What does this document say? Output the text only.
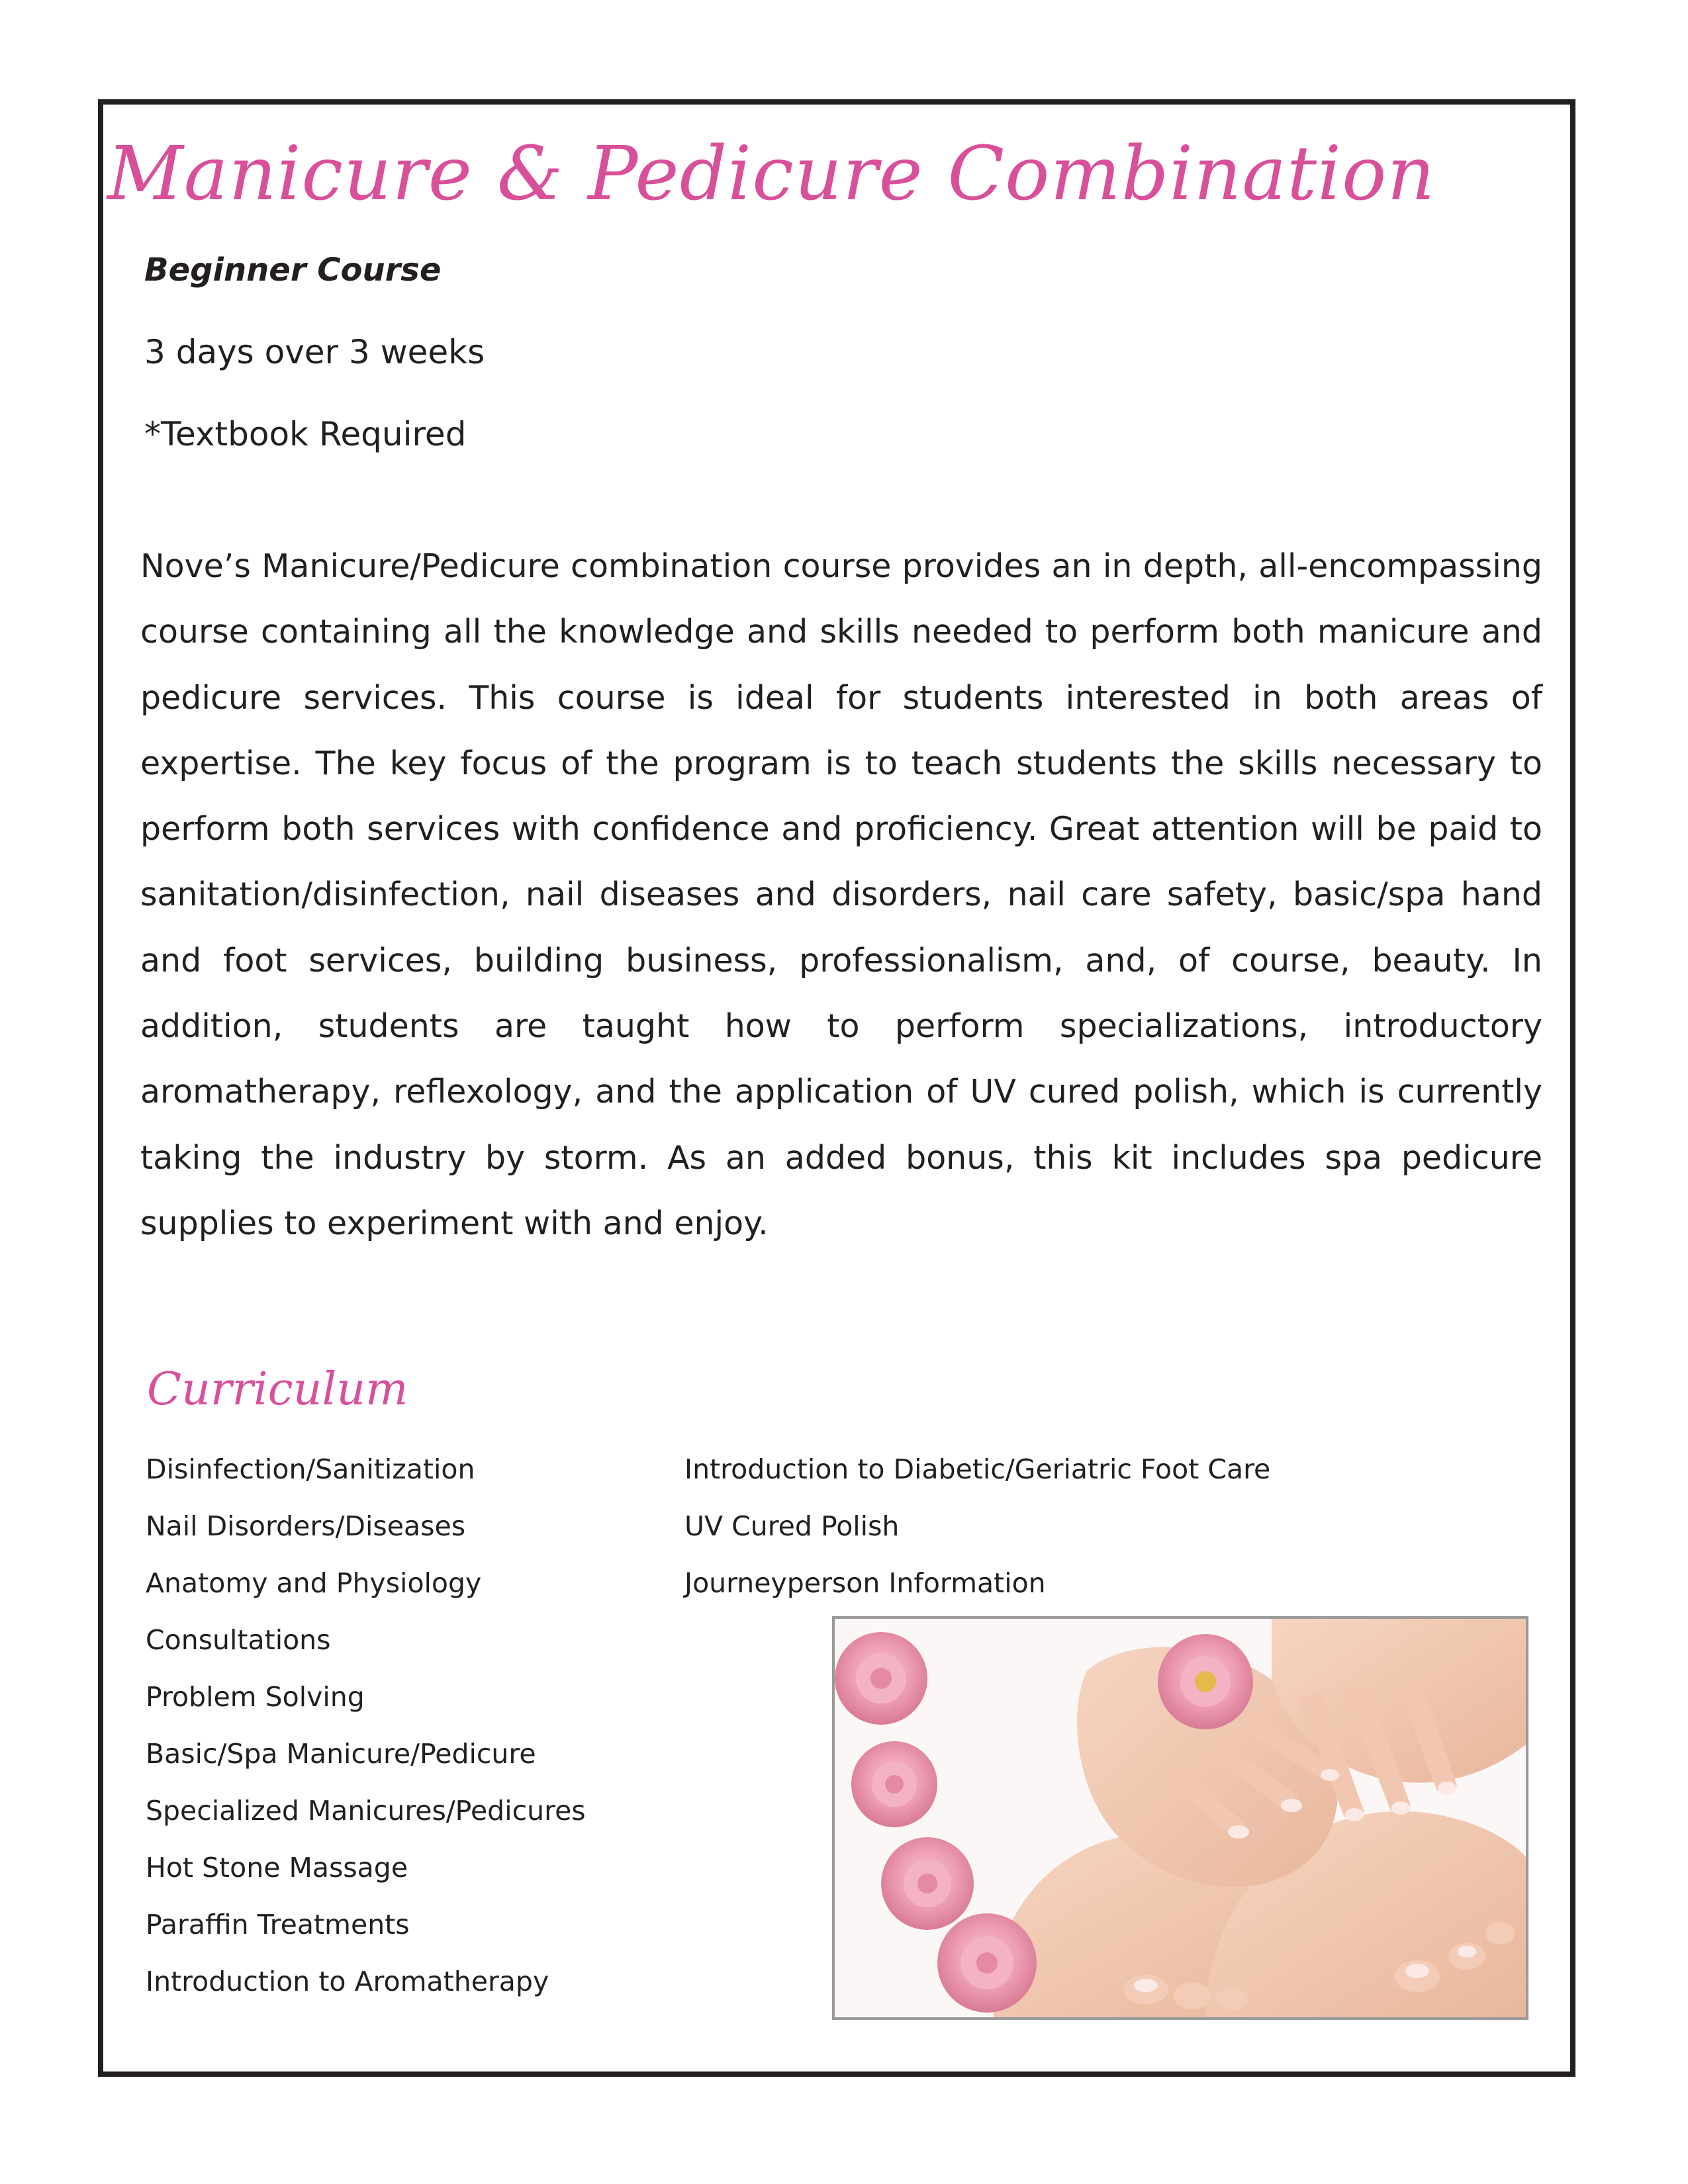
Manicure & Pedicure Combination
Beginner Course
3 days over 3 weeks
*Textbook Required

Nove’s Manicure/Pedicure combination course provides an in depth, all-encompassing course containing all the knowledge and skills needed to perform both manicure and pedicure services. This course is ideal for students interested in both areas of expertise. The key focus of the program is to teach students the skills necessary to perform both services with confidence and proficiency. Great attention will be paid to sanitation/disinfection, nail diseases and disorders, nail care safety, basic/spa hand and foot services, building business, professionalism, and, of course, beauty. In addition, students are taught how to perform specializations, introductory aromatherapy, reflexology, and the application of UV cured polish, which is currently taking the industry by storm. As an added bonus, this kit includes spa pedicure supplies to experiment with and enjoy.

Curriculum
Disinfection/Sanitization
Nail Disorders/Diseases
Anatomy and Physiology
Consultations
Problem Solving
Basic/Spa Manicure/Pedicure
Specialized Manicures/Pedicures
Hot Stone Massage
Paraffin Treatments
Introduction to Aromatherapy
Introduction to Diabetic/Geriatric Foot Care
UV Cured Polish
Journeyperson Information
